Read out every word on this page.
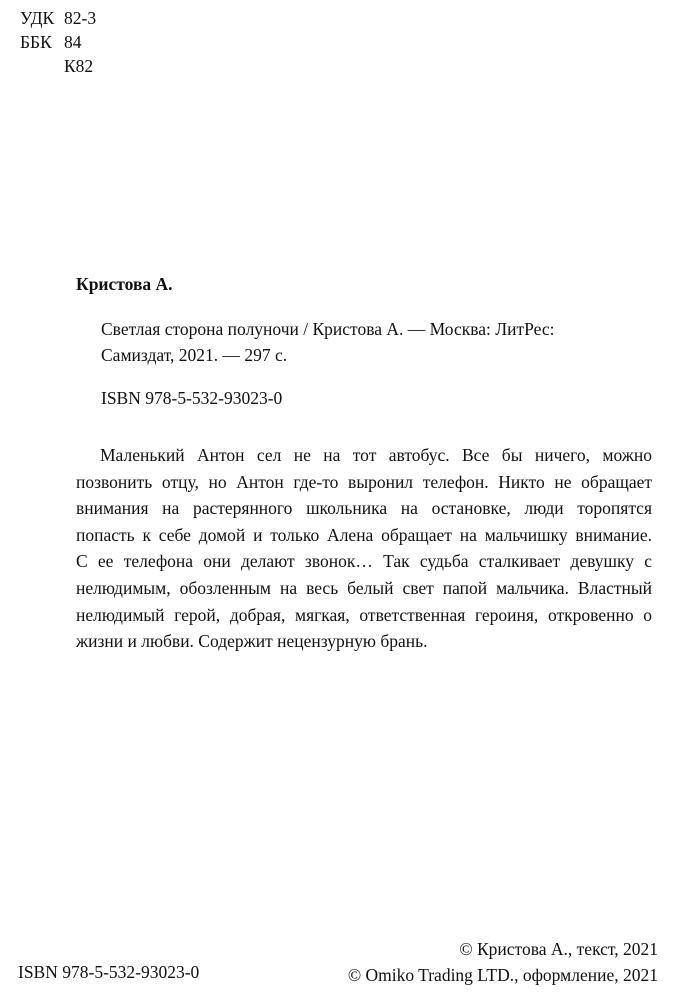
УДК 82-3
ББК 84
К82
Кристова А.
Светлая сторона полуночи / Кристова А. — Москва: ЛитРес:
Самиздат, 2021. — 297 с.
ISBN 978-5-532-93023-0
Маленький Антон сел не на тот автобус. Все бы ничего, можно
позвонить отцу, но Антон где-то выронил телефон. Никто не обращает
внимания на растерянного школьника на остановке, люди торопятся
попасть к себе домой и только Алена обращает на мальчишку внимание.
С ее телефона они делают звонок… Так судьба сталкивает девушку с
нелюдимым, обозленным на весь белый свет папой мальчика. Властный
нелюдимый герой, добрая, мягкая, ответственная героиня, откровенно о
жизни и любви. Содержит нецензурную брань.
© Кристова А., текст, 2021
© Omiko Trading LTD., оформление, 2021
ISBN 978-5-532-93023-0
